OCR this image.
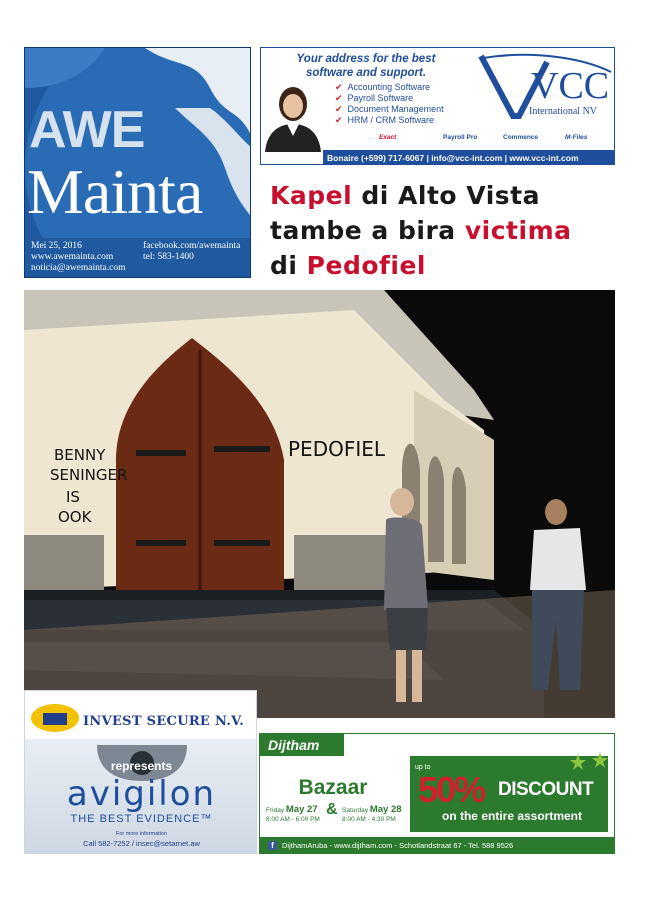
AWE
Mainta
Mei 25, 2016
www.awemainta.com
noticia@awemainta.com
facebook.com/awemainta
tel: 583-1400
Your address for the best
software and support.
✔ Accounting Software
✔ Payroll Software
✔ Document Management
✔ HRM / CRM Software
VCC
International NV
Exact	Payroll Pro	Commence	M-Files
Bonaire (+599) 717-6067 | info@vcc-int.com | www.vcc-int.com
Kapel di Alto Vista
tambe a bira victima
di Pedofiel
BENNY
SENINGER
IS
OOK
PEDOFIEL
INVEST SECURE N.V.
represents
avigilon
THE BEST EVIDENCE™
For more information
Call 582-7252 / insec@setarnet.aw
Dijtham
Bazaar
Friday May 27
8:00 AM - 6:00 PM
& Saturday May 28
8:00 AM - 4:30 PM
up to
50% DISCOUNT
on the entire assortment
f DijthamAruba - www.dijtham.com - Schotlandstraat 67 - Tel. 588 9526
